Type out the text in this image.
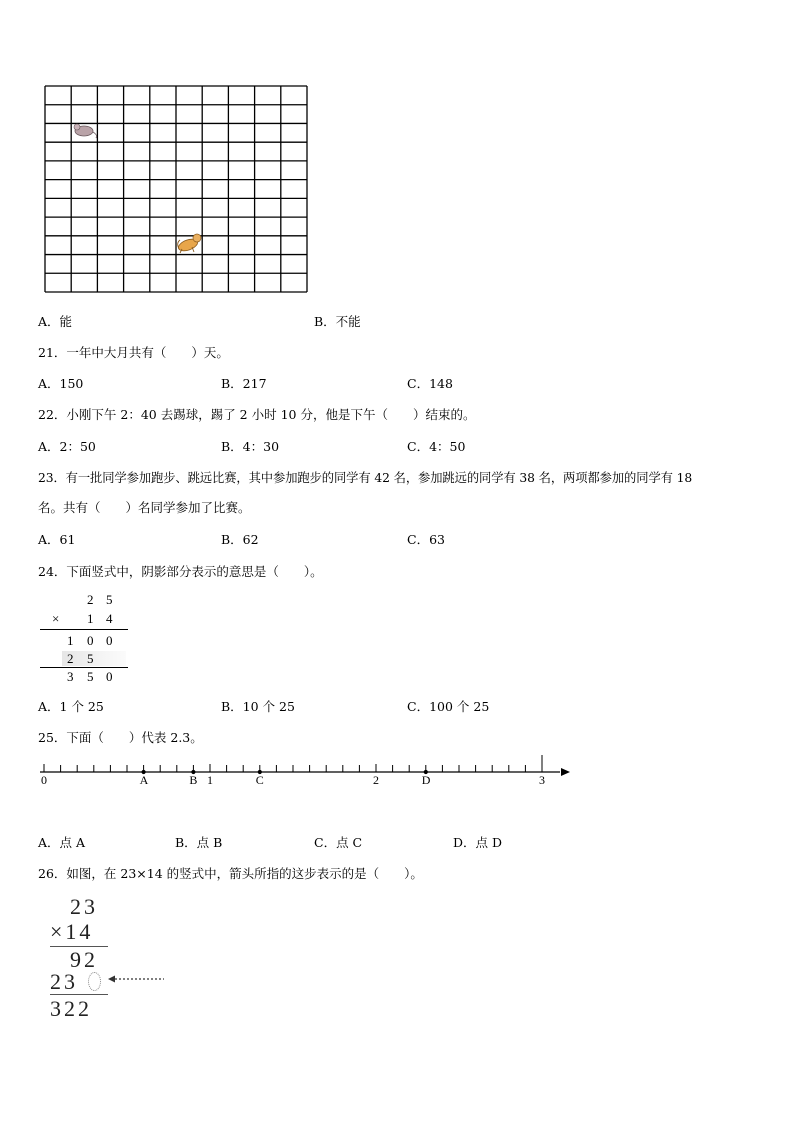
A．能	B．不能
21．一年中大月共有（　　）天。
A．150	B．217	C．148
22．小刚下午 2：40 去踢球，踢了 2 小时 10 分，他是下午（　　）结束的。
A．2：50	B．4：30	C．4：50
23．有一批同学参加跑步、跳远比赛，其中参加跑步的同学有 42 名，参加跳远的同学有 38 名，两项都参加的同学有 18
名。共有（　　）名同学参加了比赛。
A．61	B．62	C．63
24．下面竖式中，阴影部分表示的意思是（　　）。
2 5
× 1 4
1 0 0
2 5
3 5 0
A．1 个 25	B．10 个 25	C．100 个 25
25．下面（　　）代表 2.3。
0	1	2	3
A	B	C	D
A．点 A	B．点 B	C．点 C	D．点 D
26．如图，在 23×14 的竖式中，箭头所指的这步表示的是（　　）。
23
×14
92
23
322
